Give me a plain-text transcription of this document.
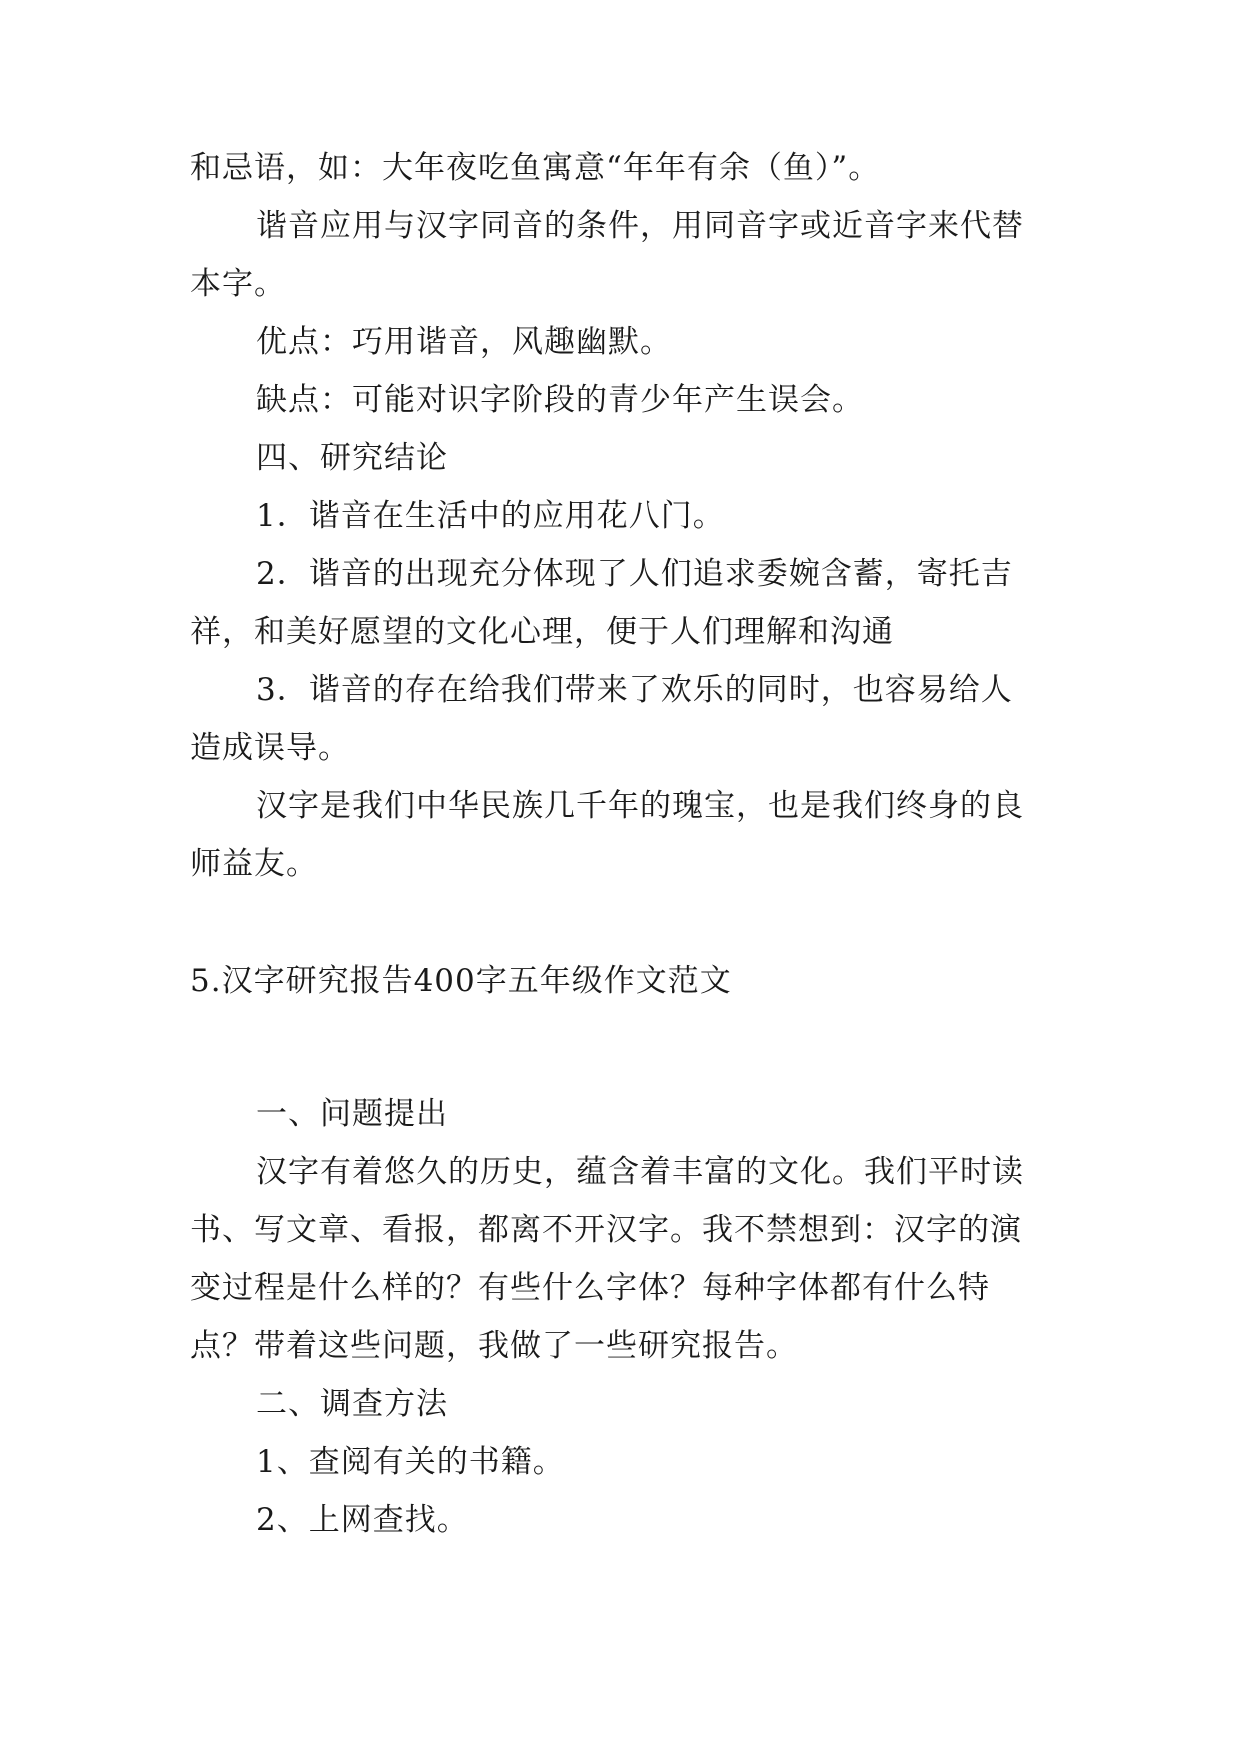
和忌语，如：大年夜吃鱼寓意“年年有余（鱼）”。
谐音应用与汉字同音的条件，用同音字或近音字来代替
本字。
优点：巧用谐音，风趣幽默。
缺点：可能对识字阶段的青少年产生误会。
四、研究结论
1．谐音在生活中的应用花八门。
2．谐音的出现充分体现了人们追求委婉含蓄，寄托吉
祥，和美好愿望的文化心理，便于人们理解和沟通
3．谐音的存在给我们带来了欢乐的同时，也容易给人
造成误导。
汉字是我们中华民族几千年的瑰宝，也是我们终身的良
师益友。
5.汉字研究报告400字五年级作文范文
一、问题提出
汉字有着悠久的历史，蕴含着丰富的文化。我们平时读
书、写文章、看报，都离不开汉字。我不禁想到：汉字的演
变过程是什么样的？有些什么字体？每种字体都有什么特
点？带着这些问题，我做了一些研究报告。
二、调查方法
1、查阅有关的书籍。
2、上网查找。
